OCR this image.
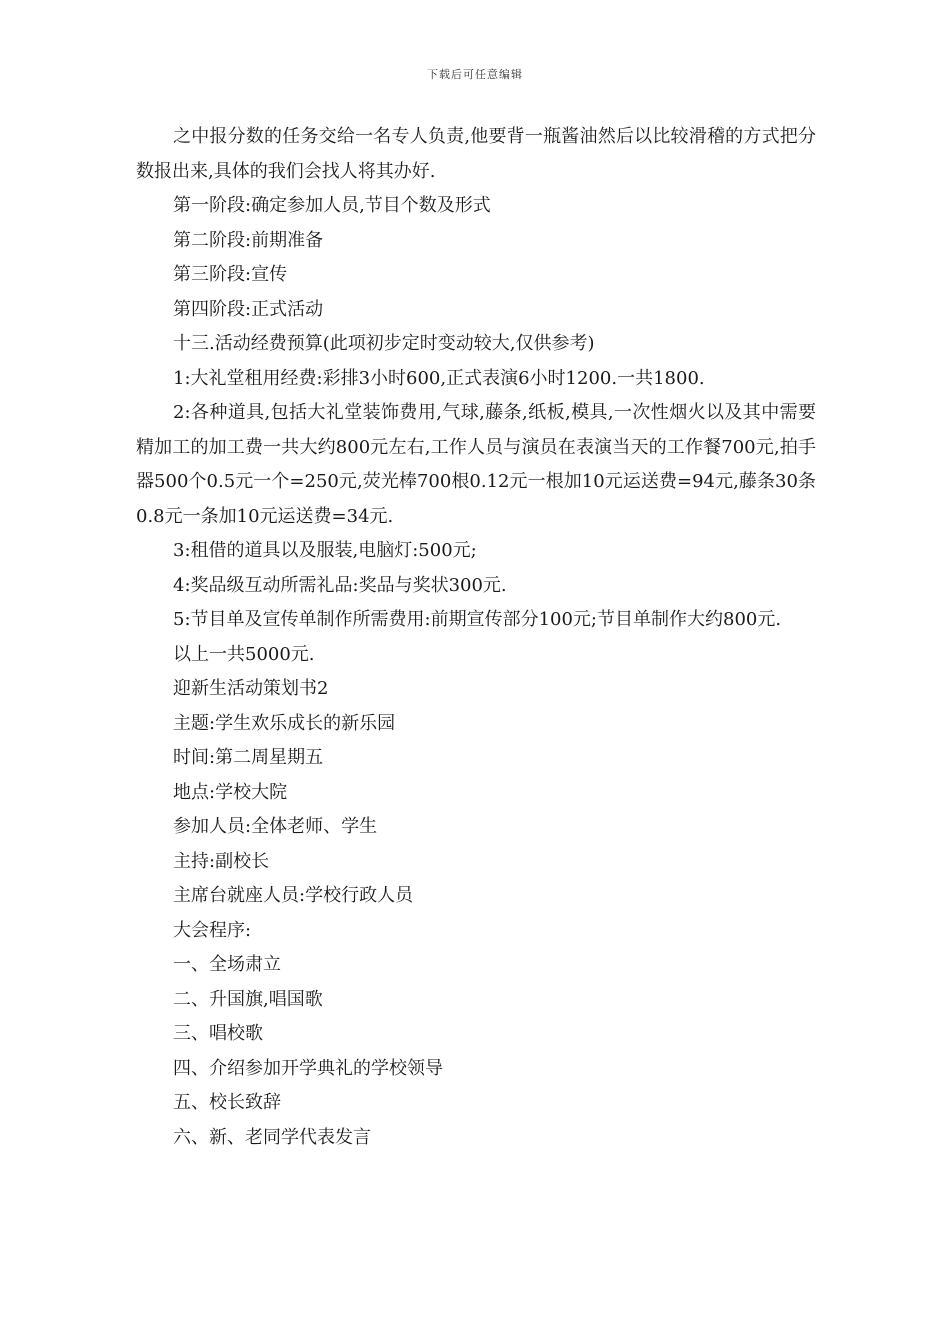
下载后可任意编辑

之中报分数的任务交给一名专人负责,他要背一瓶酱油然后以比较滑稽的方式把分数报出来,具体的我们会找人将其办好.

第一阶段:确定参加人员,节目个数及形式

第二阶段:前期准备

第三阶段:宣传

第四阶段:正式活动

十三.活动经费预算(此项初步定时变动较大,仅供参考)

1:大礼堂租用经费:彩排3小时600,正式表演6小时1200.一共1800.

2:各种道具,包括大礼堂装饰费用,气球,藤条,纸板,模具,一次性烟火以及其中需要精加工的加工费一共大约800元左右,工作人员与演员在表演当天的工作餐700元,拍手器500个0.5元一个=250元,荧光棒700根0.12元一根加10元运送费=94元,藤条30条0.8元一条加10元运送费=34元.

3:租借的道具以及服装,电脑灯:500元;

4:奖品级互动所需礼品:奖品与奖状300元.

5:节目单及宣传单制作所需费用:前期宣传部分100元;节目单制作大约800元.

以上一共5000元.

迎新生活动策划书2

主题:学生欢乐成长的新乐园

时间:第二周星期五

地点:学校大院

参加人员:全体老师、学生

主持:副校长

主席台就座人员:学校行政人员

大会程序:

一、全场肃立

二、升国旗,唱国歌

三、唱校歌

四、介绍参加开学典礼的学校领导

五、校长致辞

六、新、老同学代表发言
